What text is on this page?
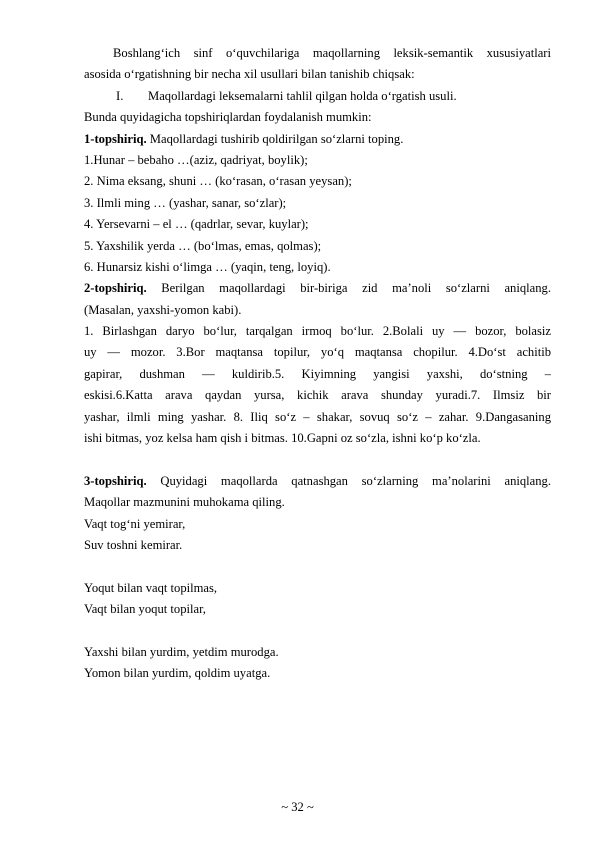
Boshlang‘ich sinf o‘quvchilariga maqollarning leksik-semantik xususiyatlari
asosida o‘rgatishning bir necha xil usullari bilan tanishib chiqsak:
I. Maqollardagi leksemalarni tahlil qilgan holda o‘rgatish usuli.
Bunda quyidagicha topshiriqlardan foydalanish mumkin:
1-topshiriq. Maqollardagi tushirib qoldirilgan so‘zlarni toping.
1.Hunar – bebaho …(aziz, qadriyat, boylik);
2. Nima eksang, shuni … (ko‘rasan, o‘rasan yeysan);
3. Ilmli ming … (yashar, sanar, so‘zlar);
4. Yersevarni – el … (qadrlar, sevar, kuylar);
5. Yaxshilik yerda … (bo‘lmas, emas, qolmas);
6. Hunarsiz kishi o‘limga … (yaqin, teng, loyiq).
2-topshiriq. Berilgan maqollardagi bir-biriga zid ma’noli so‘zlarni aniqlang.
(Masalan, yaxshi-yomon kabi).
1. Birlashgan daryo bo‘lur, tarqalgan irmoq bo‘lur. 2.Bolali uy — bozor, bolasiz
uy — mozor. 3.Bor maqtansa topilur, yo‘q maqtansa chopilur. 4.Do‘st achitib
gapirar, dushman — kuldirib.5. Kiyimning yangisi yaxshi, do‘stning –
eskisi.6.Katta arava qaydan yursa, kichik arava shunday yuradi.7. Ilmsiz bir
yashar, ilmli ming yashar. 8. Iliq so‘z – shakar, sovuq so‘z – zahar. 9.Dangasaning
ishi bitmas, yoz kelsa ham qish i bitmas. 10.Gapni oz so‘zla, ishni ko‘p ko‘zla.
3-topshiriq. Quyidagi maqollarda qatnashgan so‘zlarning ma’nolarini aniqlang.
Maqollar mazmunini muhokama qiling.
Vaqt tog‘ni yemirar,
Suv toshni kemirar.
Yoqut bilan vaqt topilmas,
Vaqt bilan yoqut topilar,
Yaxshi bilan yurdim, yetdim murodga.
Yomon bilan yurdim, qoldim uyatga.
~ 32 ~
